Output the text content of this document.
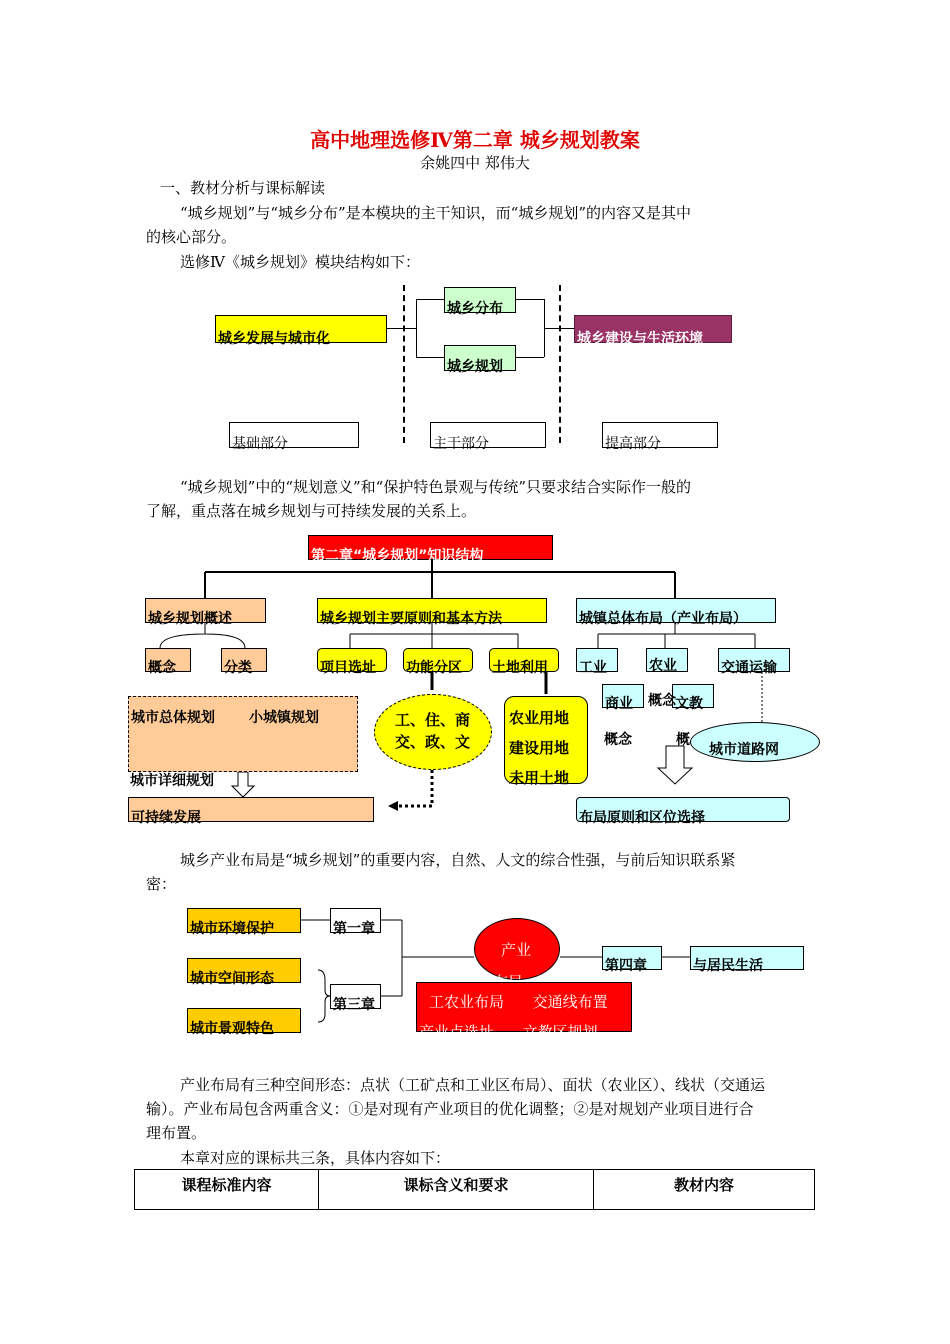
高中地理选修Ⅳ第二章 城乡规划教案
余姚四中 郑伟大
一、教材分析与课标解读
“城乡规划”与“城乡分布”是本模块的主干知识，而“城乡规划”的内容又是其中
的核心部分。
选修Ⅳ《城乡规划》模块结构如下：
城乡发展与城市化
城乡分布
城乡规划
城乡建设与生活环境
基础部分	主干部分	提高部分
“城乡规划”中的“规划意义”和“保护特色景观与传统”只要求结合实际作一般的
了解，重点落在城乡规划与可持续发展的关系上。
第二章“城乡规划”知识结构
城乡规划概述	城乡规划主要原则和基本方法	城镇总体布局（产业布局）
概念	分类	项目选址 功能分区 土地利用 工业	农业	交通运输
商业	文教
概念
概念	概
城市总体规划 小城镇规划
城市详细规划
工、住、商
交、政、文
农业用地
建设用地
未用土地
城市道路网
可持续发展	布局原则和区位选择
城乡产业布局是“城乡规划”的重要内容，自然、人文的综合性强，与前后知识联系紧
密：
城市环境保护
城市空间形态
城市景观特色
第一章
第三章
产业
工农业布局      交通线布置
产业点选址      文教区规划
第四章	与居民生活
产业布局有三种空间形态：点状（工矿点和工业区布局）、面状（农业区）、线状（交通运
输）。产业布局包含两重含义：①是对现有产业项目的优化调整；②是对规划产业项目进行合
理布置。
本章对应的课标共三条，具体内容如下：
课程标准内容	课标含义和要求	教材内容
